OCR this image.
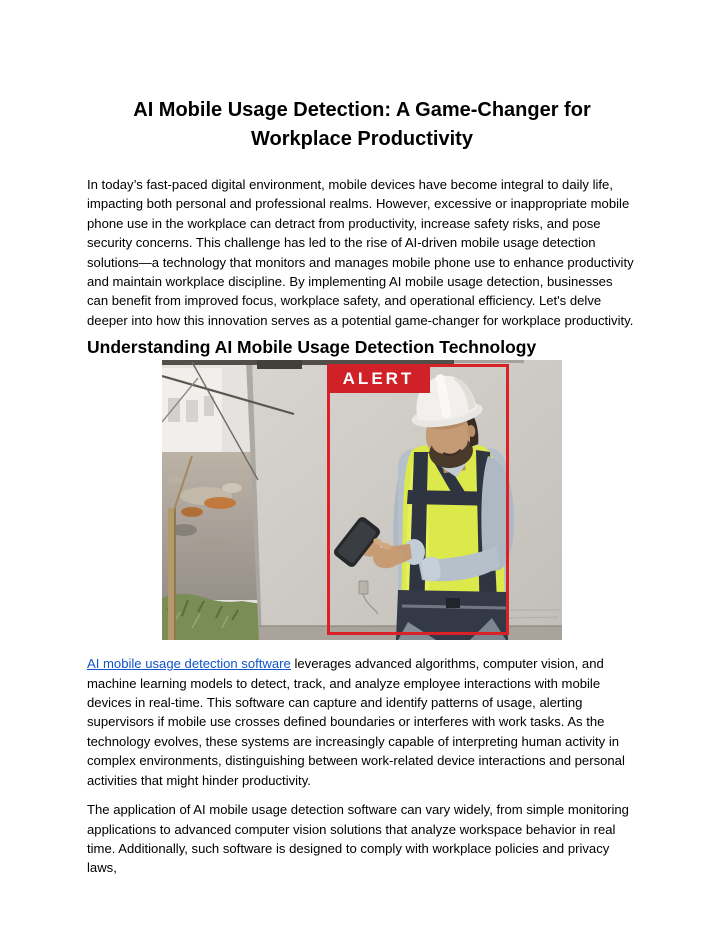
AI Mobile Usage Detection: A Game-Changer for Workplace Productivity

In today’s fast-paced digital environment, mobile devices have become integral to daily life, impacting both personal and professional realms. However, excessive or inappropriate mobile phone use in the workplace can detract from productivity, increase safety risks, and pose security concerns. This challenge has led to the rise of AI-driven mobile usage detection solutions—a technology that monitors and manages mobile phone use to enhance productivity and maintain workplace discipline. By implementing AI mobile usage detection, businesses can benefit from improved focus, workplace safety, and operational efficiency. Let's delve deeper into how this innovation serves as a potential game-changer for workplace productivity.

Understanding AI Mobile Usage Detection Technology
ALERT

AI mobile usage detection software leverages advanced algorithms, computer vision, and machine learning models to detect, track, and analyze employee interactions with mobile devices in real-time. This software can capture and identify patterns of usage, alerting supervisors if mobile use crosses defined boundaries or interferes with work tasks. As the technology evolves, these systems are increasingly capable of interpreting human activity in complex environments, distinguishing between work-related device interactions and personal activities that might hinder productivity.

The application of AI mobile usage detection software can vary widely, from simple monitoring applications to advanced computer vision solutions that analyze workspace behavior in real time. Additionally, such software is designed to comply with workplace policies and privacy laws,
